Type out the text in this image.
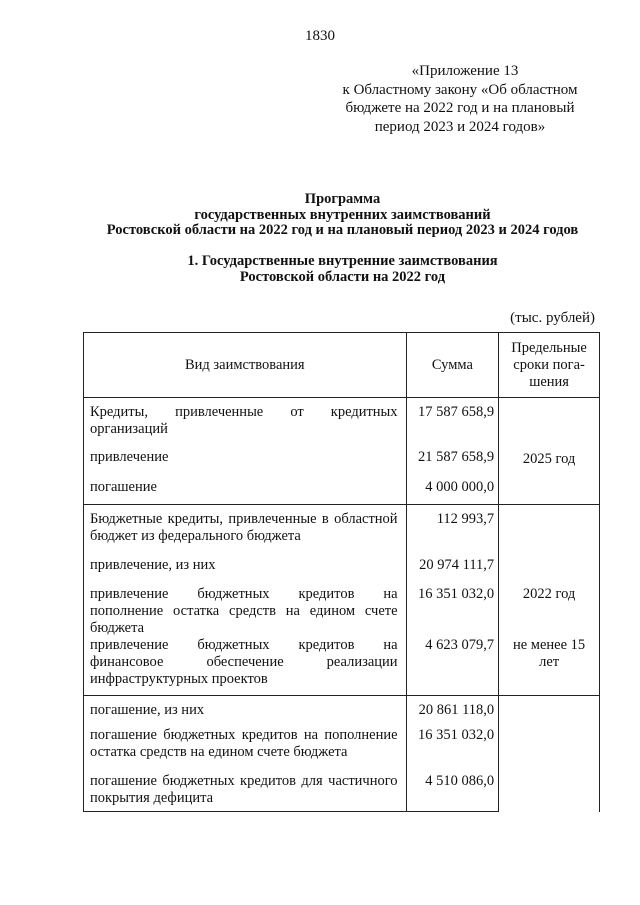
1830
«Приложение 13
к Областному закону «Об областном
бюджете на 2022 год и на плановый
период 2023 и 2024 годов»
Программа
государственных внутренних заимствований
Ростовской области на 2022 год и на плановый период 2023 и 2024 годов
1. Государственные внутренние заимствования
Ростовской области на 2022 год
(тыс. рублей)
Вид заимствования	Сумма	Предельные
сроки пога-
шения

Кредиты, привлеченные от кредитных организаций	17 587 658,9	2025 год
привлечение	21 587 658,9	
погашение	4 000 000,0	
Бюджетные кредиты, привлеченные в областной бюджет из федерального бюджета	112 993,7	
привлечение, из них	20 974 111,7	
привлечение бюджетных кредитов на пополнение остатка средств на едином счете бюджета	16 351 032,0	2022 год
привлечение бюджетных кредитов на финансовое обеспечение реализации инфраструктурных проектов	4 623 079,7	не менее 15 лет
погашение, из них	20 861 118,0	
погашение бюджетных кредитов на пополнение остатка средств на едином счете бюджета	16 351 032,0	
погашение бюджетных кредитов для частичного покрытия дефицита	4 510 086,0	
